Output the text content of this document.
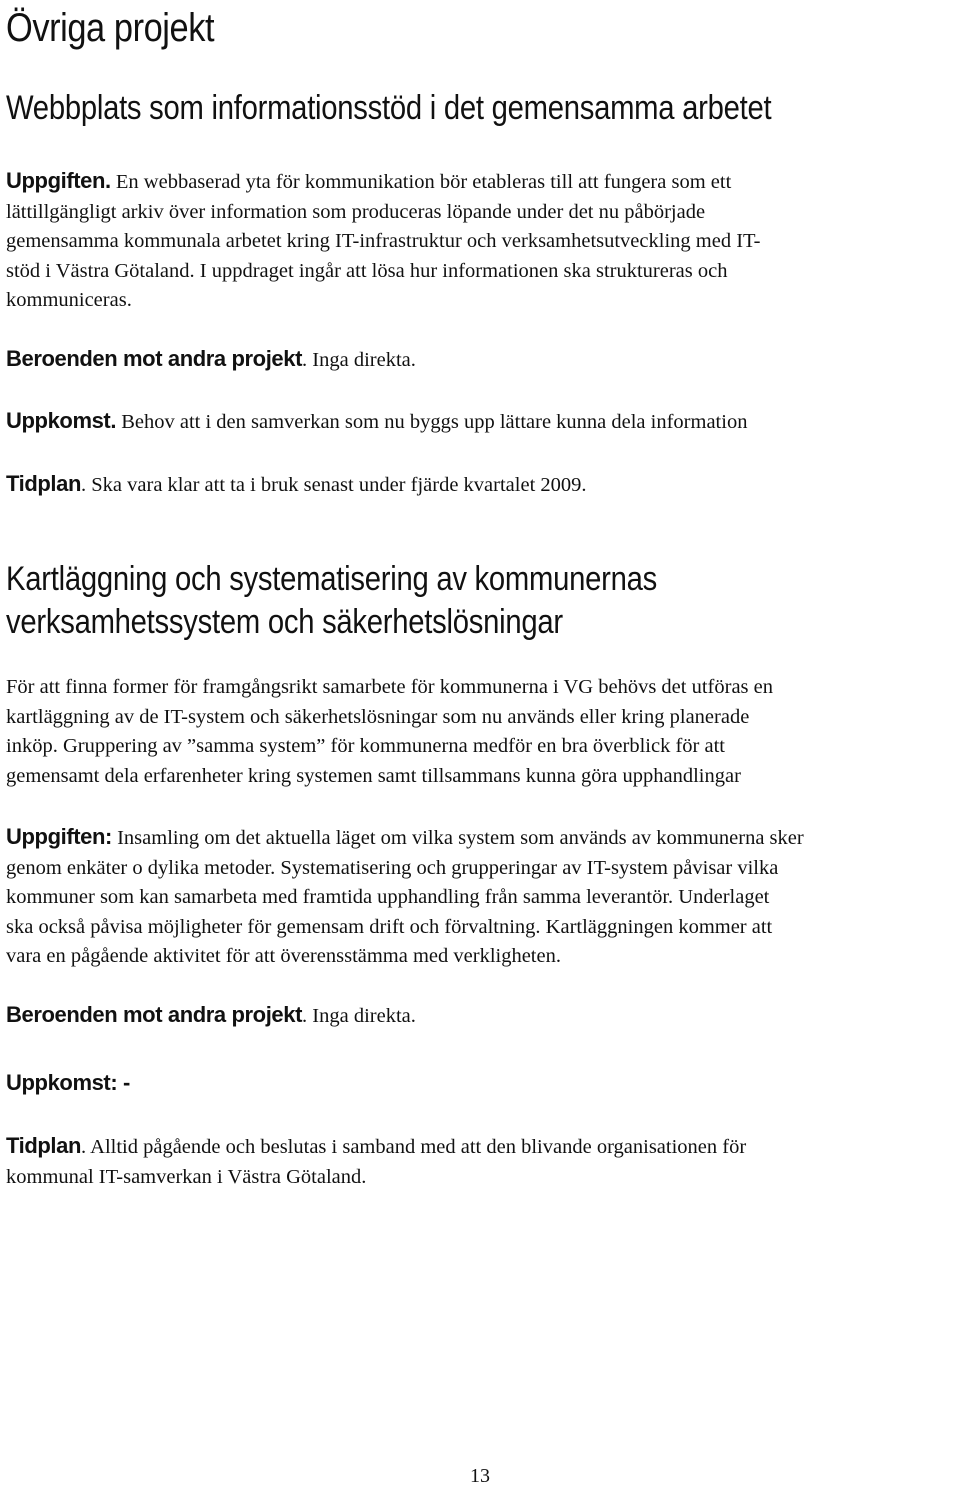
Övriga projekt
Webbplats som informationsstöd i det gemensamma arbetet

Uppgiften. En webbaserad yta för kommunikation bör etableras till att fungera som ett
lättillgängligt arkiv över information som produceras löpande under det nu påbörjade
gemensamma kommunala arbetet kring IT-infrastruktur och verksamhetsutveckling med IT-
stöd i Västra Götaland. I uppdraget ingår att lösa hur informationen ska struktureras och
kommuniceras.

Beroenden mot andra projekt. Inga direkta.

Uppkomst. Behov att i den samverkan som nu byggs upp lättare kunna dela information

Tidplan. Ska vara klar att ta i bruk senast under fjärde kvartalet 2009.

Kartläggning och systematisering av kommunernas
verksamhetssystem och säkerhetslösningar

För att finna former för framgångsrikt samarbete för kommunerna i VG behövs det utföras en
kartläggning av de IT-system och säkerhetslösningar som nu används eller kring planerade
inköp. Gruppering av ”samma system” för kommunerna medför en bra överblick för att
gemensamt dela erfarenheter kring systemen samt tillsammans kunna göra upphandlingar

Uppgiften: Insamling om det aktuella läget om vilka system som används av kommunerna sker
genom enkäter o dylika metoder. Systematisering och grupperingar av IT-system påvisar vilka
kommuner som kan samarbeta med framtida upphandling från samma leverantör. Underlaget
ska också påvisa möjligheter för gemensam drift och förvaltning. Kartläggningen kommer att
vara en pågående aktivitet för att överensstämma med verkligheten.

Beroenden mot andra projekt. Inga direkta.

Uppkomst: -

Tidplan. Alltid pågående och beslutas i samband med att den blivande organisationen för
kommunal IT-samverkan i Västra Götaland.

13
